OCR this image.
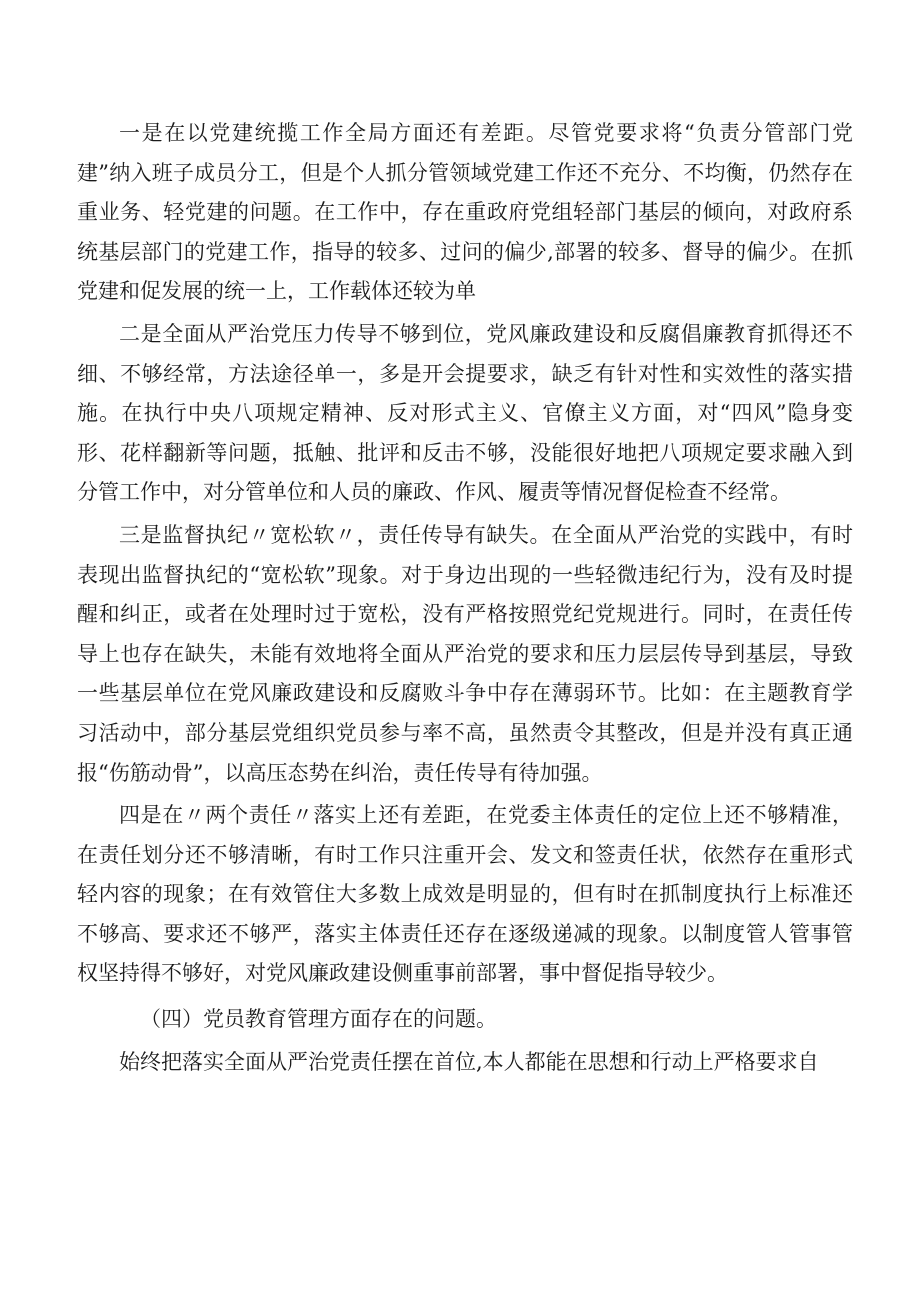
一是在以党建统揽工作全局方面还有差距。尽管党要求将“负责分管部门党建”纳入班子成员分工，但是个人抓分管领域党建工作还不充分、不均衡，仍然存在重业务、轻党建的问题。在工作中，存在重政府党组轻部门基层的倾向，对政府系统基层部门的党建工作，指导的较多、过问的偏少,部署的较多、督导的偏少。在抓党建和促发展的统一上，工作载体还较为单

二是全面从严治党压力传导不够到位，党风廉政建设和反腐倡廉教育抓得还不细、不够经常，方法途径单一，多是开会提要求，缺乏有针对性和实效性的落实措施。在执行中央八项规定精神、反对形式主义、官僚主义方面，对“四风”隐身变形、花样翻新等问题，抵触、批评和反击不够，没能很好地把八项规定要求融入到分管工作中，对分管单位和人员的廉政、作风、履责等情况督促检查不经常。

三是监督执纪〃宽松软〃，责任传导有缺失。在全面从严治党的实践中，有时表现出监督执纪的“宽松软”现象。对于身边出现的一些轻微违纪行为，没有及时提醒和纠正，或者在处理时过于宽松，没有严格按照党纪党规进行。同时，在责任传导上也存在缺失，未能有效地将全面从严治党的要求和压力层层传导到基层，导致一些基层单位在党风廉政建设和反腐败斗争中存在薄弱环节。比如：在主题教育学习活动中，部分基层党组织党员参与率不高，虽然责令其整改，但是并没有真正通报“伤筋动骨”，以高压态势在纠治，责任传导有待加强。

四是在〃两个责任〃落实上还有差距，在党委主体责任的定位上还不够精准，在责任划分还不够清晰，有时工作只注重开会、发文和签责任状，依然存在重形式轻内容的现象；在有效管住大多数上成效是明显的，但有时在抓制度执行上标准还不够高、要求还不够严，落实主体责任还存在逐级递减的现象。以制度管人管事管权坚持得不够好，对党风廉政建设侧重事前部署，事中督促指导较少。

（四）党员教育管理方面存在的问题。

始终把落实全面从严治党责任摆在首位,本人都能在思想和行动上严格要求自
